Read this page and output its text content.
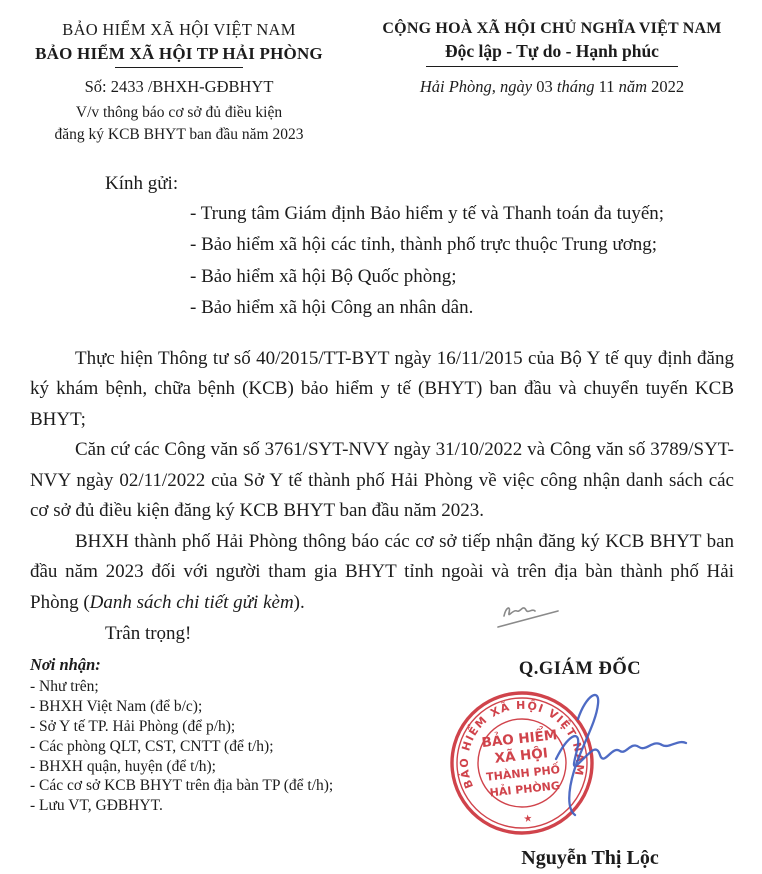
BẢO HIỂM XÃ HỘI VIỆT NAM
BẢO HIỂM XÃ HỘI TP HẢI PHÒNG
Số: 2433 /BHXH-GĐBHYT
V/v thông báo cơ sở đủ điều kiện
đăng ký KCB BHYT ban đầu năm 2023
CỘNG HOÀ XÃ HỘI CHỦ NGHĨA VIỆT NAM
Độc lập - Tự do - Hạnh phúc
Hải Phòng, ngày 03 tháng 11 năm 2022
Kính gửi:
- Trung tâm Giám định Bảo hiểm y tế và Thanh toán đa tuyến;
- Bảo hiểm xã hội các tỉnh, thành phố trực thuộc Trung ương;
- Bảo hiểm xã hội Bộ Quốc phòng;
- Bảo hiểm xã hội Công an nhân dân.

Thực hiện Thông tư số 40/2015/TT-BYT ngày 16/11/2015 của Bộ Y tế quy định đăng ký khám bệnh, chữa bệnh (KCB) bảo hiểm y tế (BHYT) ban đầu và chuyển tuyến KCB BHYT;

Căn cứ các Công văn số 3761/SYT-NVY ngày 31/10/2022 và Công văn số 3789/SYT-NVY ngày 02/11/2022 của Sở Y tế thành phố Hải Phòng về việc công nhận danh sách các cơ sở đủ điều kiện đăng ký KCB BHYT ban đầu năm 2023.

BHXH thành phố Hải Phòng thông báo các cơ sở tiếp nhận đăng ký KCB BHYT ban đầu năm 2023 đối với người tham gia BHYT tỉnh ngoài và trên địa bàn thành phố Hải Phòng (Danh sách chi tiết gửi kèm).

Trân trọng!
Nơi nhận:
- Như trên;
- BHXH Việt Nam (để b/c);
- Sở Y tế TP. Hải Phòng (để p/h);
- Các phòng QLT, CST, CNTT (để t/h);
- BHXH quận, huyện (để t/h);
- Các cơ sở KCB BHYT trên địa bàn TP (để t/h);
- Lưu VT, GĐBHYT.
Q.GIÁM ĐỐC
BẢO HIỂM XÃ HỘI VIỆT NAM
BẢO HIỂM
XÃ HỘI
THÀNH PHỐ
HẢI PHÒNG
★
Nguyễn Thị Lộc
